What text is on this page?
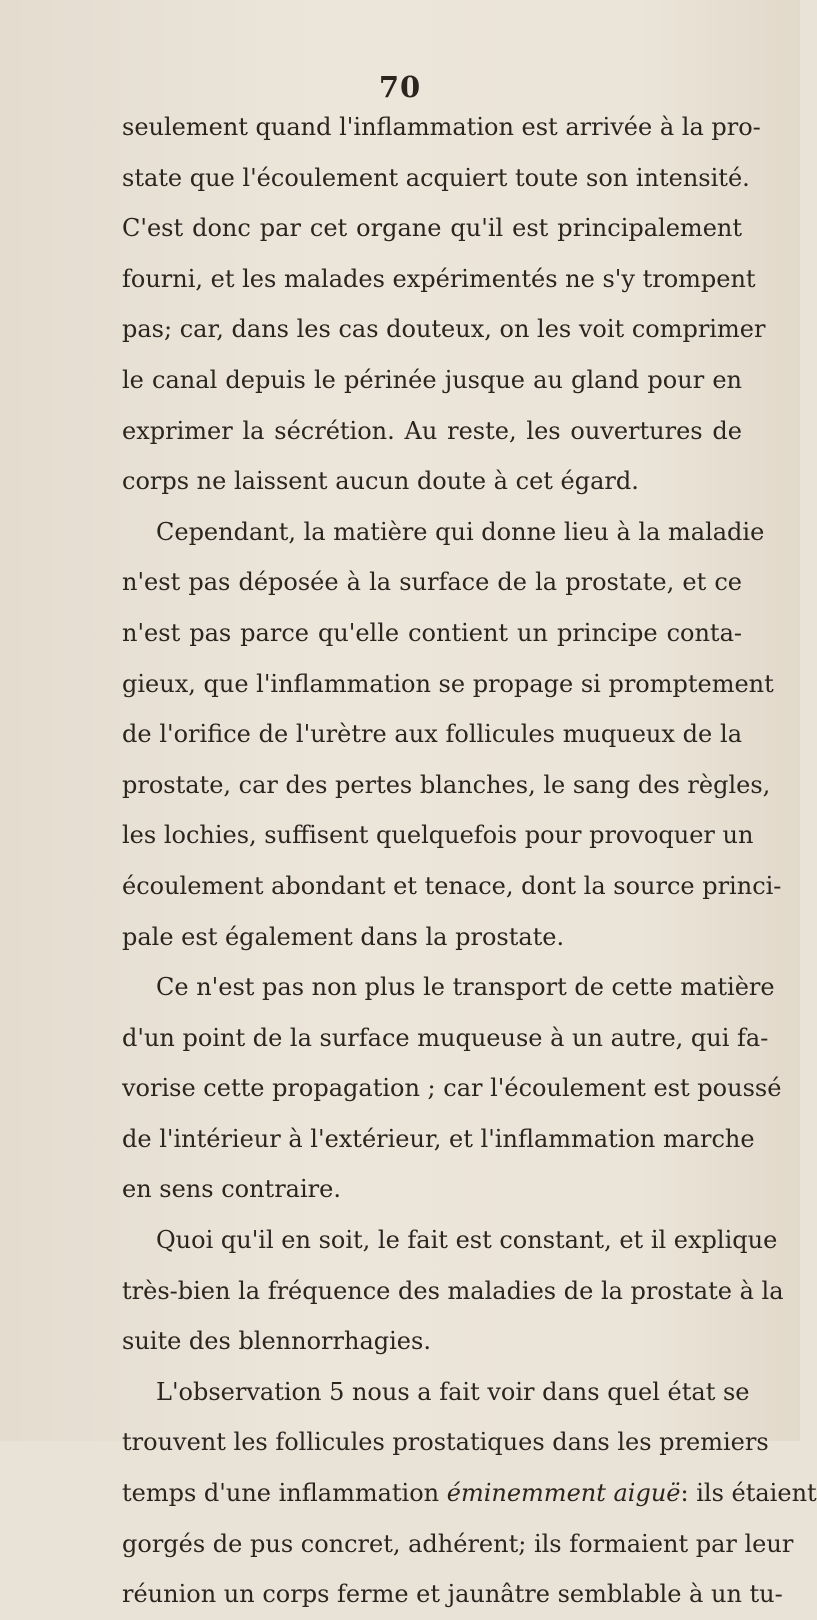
70
seulement quand l'inflammation est arrivée à la pro-
state que l'écoulement acquiert toute son intensité.
C'est donc par cet organe qu'il est principalement
fourni, et les malades expérimentés ne s'y trompent
pas; car, dans les cas douteux, on les voit comprimer
le canal depuis le périnée jusque au gland pour en
exprimer la sécrétion. Au reste, les ouvertures de
corps ne laissent aucun doute à cet égard.
Cependant, la matière qui donne lieu à la maladie
n'est pas déposée à la surface de la prostate, et ce
n'est pas parce qu'elle contient un principe conta-
gieux, que l'inflammation se propage si promptement
de l'orifice de l'urètre aux follicules muqueux de la
prostate, car des pertes blanches, le sang des règles,
les lochies, suffisent quelquefois pour provoquer un
écoulement abondant et tenace, dont la source princi-
pale est également dans la prostate.
Ce n'est pas non plus le transport de cette matière
d'un point de la surface muqueuse à un autre, qui fa-
vorise cette propagation ; car l'écoulement est poussé
de l'intérieur à l'extérieur, et l'inflammation marche
en sens contraire.
Quoi qu'il en soit, le fait est constant, et il explique
très-bien la fréquence des maladies de la prostate à la
suite des blennorrhagies.
L'observation 5 nous a fait voir dans quel état se
trouvent les follicules prostatiques dans les premiers
temps d'une inflammation éminemment aiguë: ils étaient
gorgés de pus concret, adhérent; ils formaient par leur
réunion un corps ferme et jaunâtre semblable à un tu-
